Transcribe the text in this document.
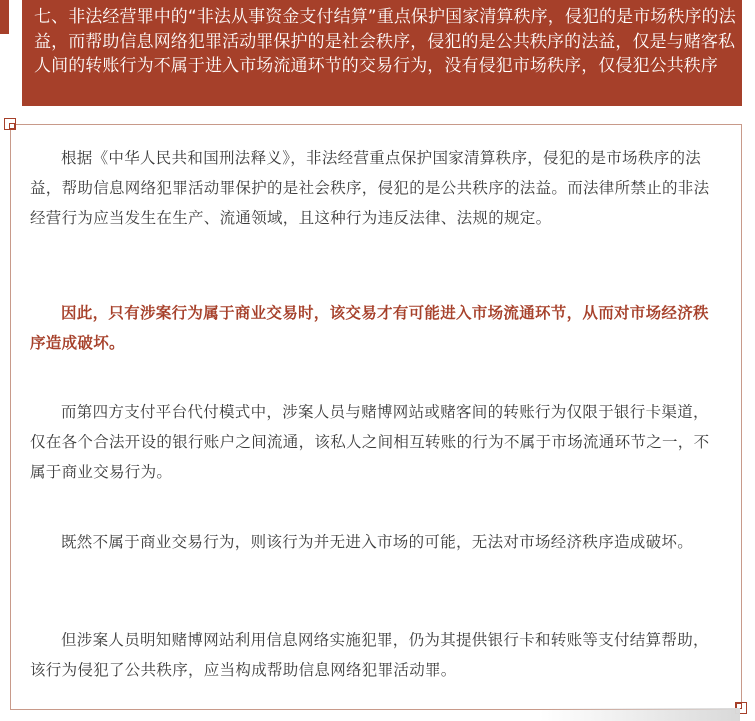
七、非法经营罪中的“非法从事资金支付结算”重点保护国家清算秩序，侵犯的是市场秩序的法益，而帮助信息网络犯罪活动罪保护的是社会秩序，侵犯的是公共秩序的法益，仅是与赌客私人间的转账行为不属于进入市场流通环节的交易行为，没有侵犯市场秩序，仅侵犯公共秩序

根据《中华人民共和国刑法释义》，非法经营重点保护国家清算秩序，侵犯的是市场秩序的法益，帮助信息网络犯罪活动罪保护的是社会秩序，侵犯的是公共秩序的法益。而法律所禁止的非法经营行为应当发生在生产、流通领域，且这种行为违反法律、法规的规定。

因此，只有涉案行为属于商业交易时，该交易才有可能进入市场流通环节，从而对市场经济秩序造成破坏。

而第四方支付平台代付模式中，涉案人员与赌博网站或赌客间的转账行为仅限于银行卡渠道，仅在各个合法开设的银行账户之间流通，该私人之间相互转账的行为不属于市场流通环节之一，不属于商业交易行为。

既然不属于商业交易行为，则该行为并无进入市场的可能，无法对市场经济秩序造成破坏。

但涉案人员明知赌博网站利用信息网络实施犯罪，仍为其提供银行卡和转账等支付结算帮助，该行为侵犯了公共秩序，应当构成帮助信息网络犯罪活动罪。
